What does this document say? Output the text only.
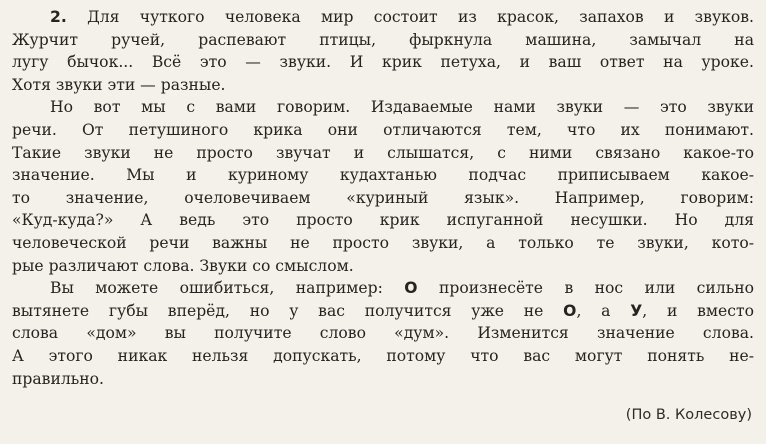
2. Для чуткого человека мир состоит из красок, запахов и звуков.
Журчит ручей, распевают птицы, фыркнула машина, замычал на
лугу бычок... Всё это — звуки. И крик петуха, и ваш ответ на уроке.
Хотя звуки эти — разные.
Но вот мы с вами говорим. Издаваемые нами звуки — это звуки
речи. От петушиного крика они отличаются тем, что их понимают.
Такие звуки не просто звучат и слышатся, с ними связано какое-то
значение. Мы и куриному кудахтанью подчас приписываем какое-
то значение, очеловечиваем «куриный язык». Например, говорим:
«Куд-куда?» А ведь это просто крик испуганной несушки. Но для
человеческой речи важны не просто звуки, а только те звуки, кото-
рые различают слова. Звуки со смыслом.
Вы можете ошибиться, например: О произнесёте в нос или сильно
вытянете губы вперёд, но у вас получится уже не О, а У, и вместо
слова «дом» вы получите слово «дум». Изменится значение слова.
А этого никак нельзя допускать, потому что вас могут понять не-
правильно.
(По В. Колесову)
